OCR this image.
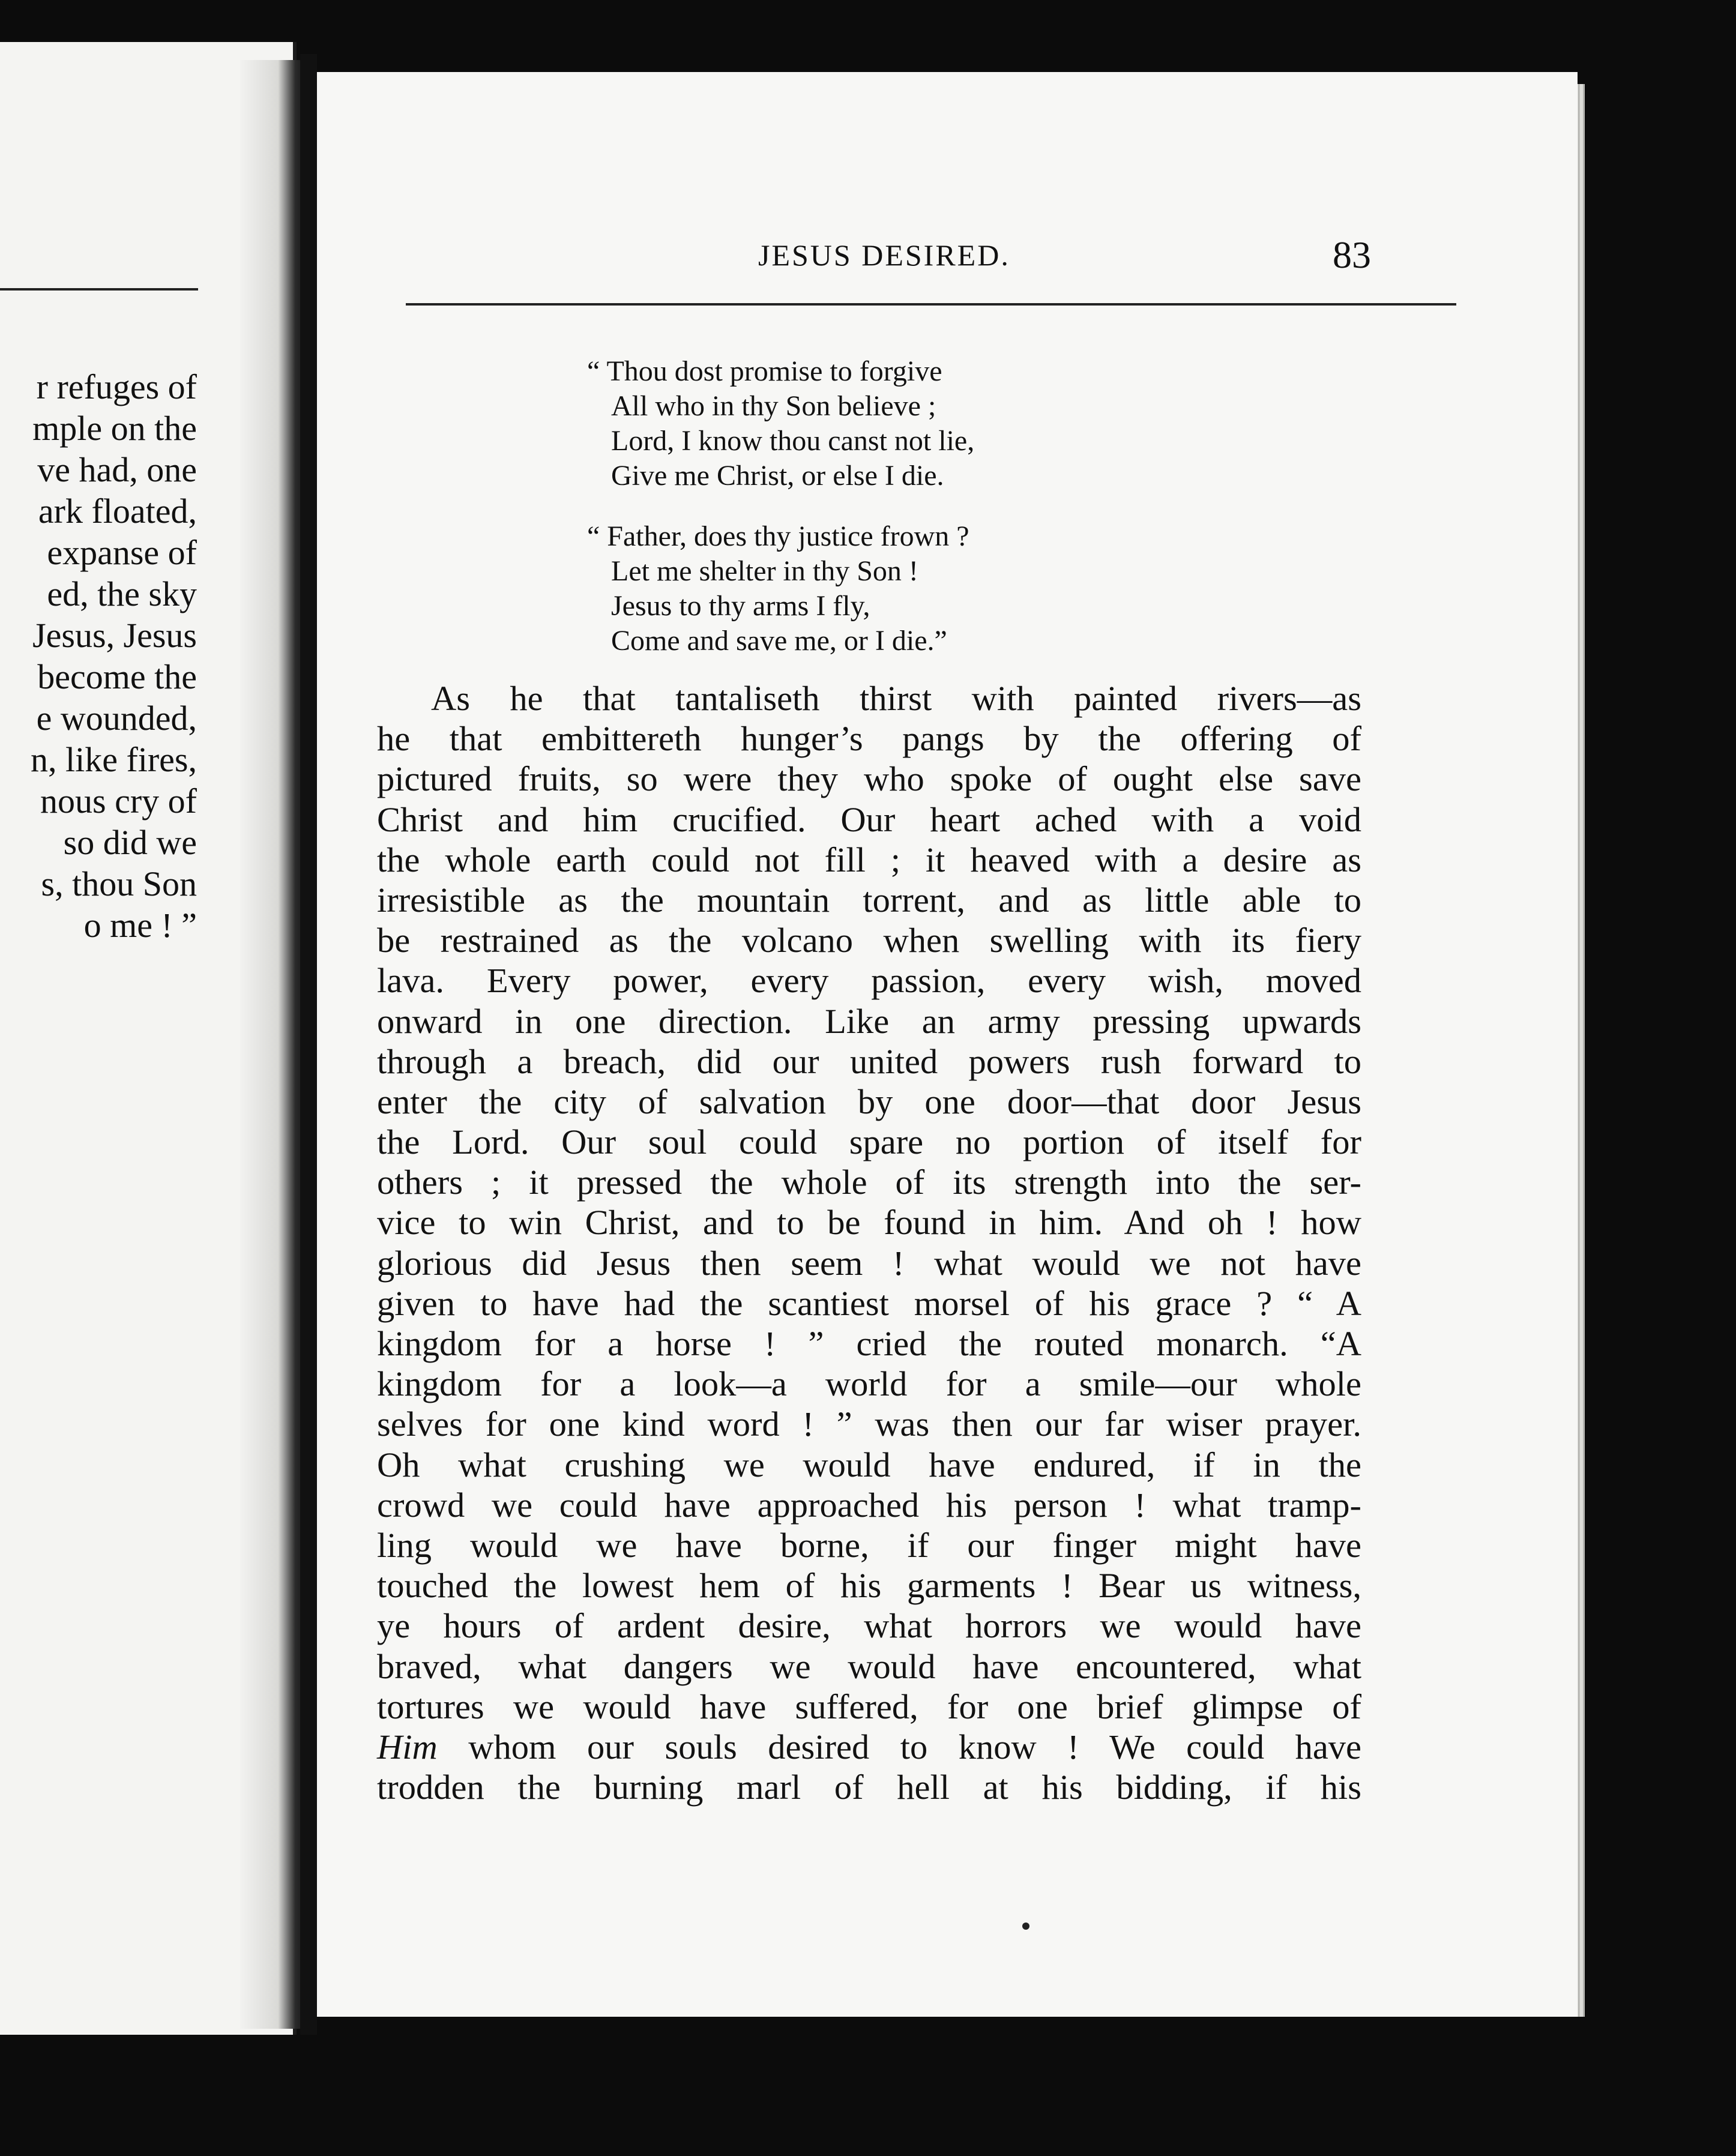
r refuges of
mple on the
ve had, one
ark floated,
expanse of
ed, the sky
Jesus, Jesus
become the
e wounded,
n, like fires,
nous cry of
so did we
s, thou Son
o me ! ”
JESUS DESIRED.	83
“ Thou dost promise to forgive
All who in thy Son believe ;
Lord, I know thou canst not lie,
Give me Christ, or else I die.
“ Father, does thy justice frown ?
Let me shelter in thy Son !
Jesus to thy arms I fly,
Come and save me, or I die.”
As he that tantaliseth thirst with painted rivers—as
he that embittereth hunger’s pangs by the offering of
pictured fruits, so were they who spoke of ought else save
Christ and him crucified. Our heart ached with a void
the whole earth could not fill ; it heaved with a desire as
irresistible as the mountain torrent, and as little able to
be restrained as the volcano when swelling with its fiery
lava. Every power, every passion, every wish, moved
onward in one direction. Like an army pressing upwards
through a breach, did our united powers rush forward to
enter the city of salvation by one door—that door Jesus
the Lord. Our soul could spare no portion of itself for
others ; it pressed the whole of its strength into the ser-
vice to win Christ, and to be found in him. And oh ! how
glorious did Jesus then seem ! what would we not have
given to have had the scantiest morsel of his grace ? “ A
kingdom for a horse ! ” cried the routed monarch. “A
kingdom for a look—a world for a smile—our whole
selves for one kind word ! ” was then our far wiser prayer.
Oh what crushing we would have endured, if in the
crowd we could have approached his person ! what tramp-
ling would we have borne, if our finger might have
touched the lowest hem of his garments ! Bear us witness,
ye hours of ardent desire, what horrors we would have
braved, what dangers we would have encountered, what
tortures we would have suffered, for one brief glimpse of
Him whom our souls desired to know ! We could have
trodden the burning marl of hell at his bidding, if his
